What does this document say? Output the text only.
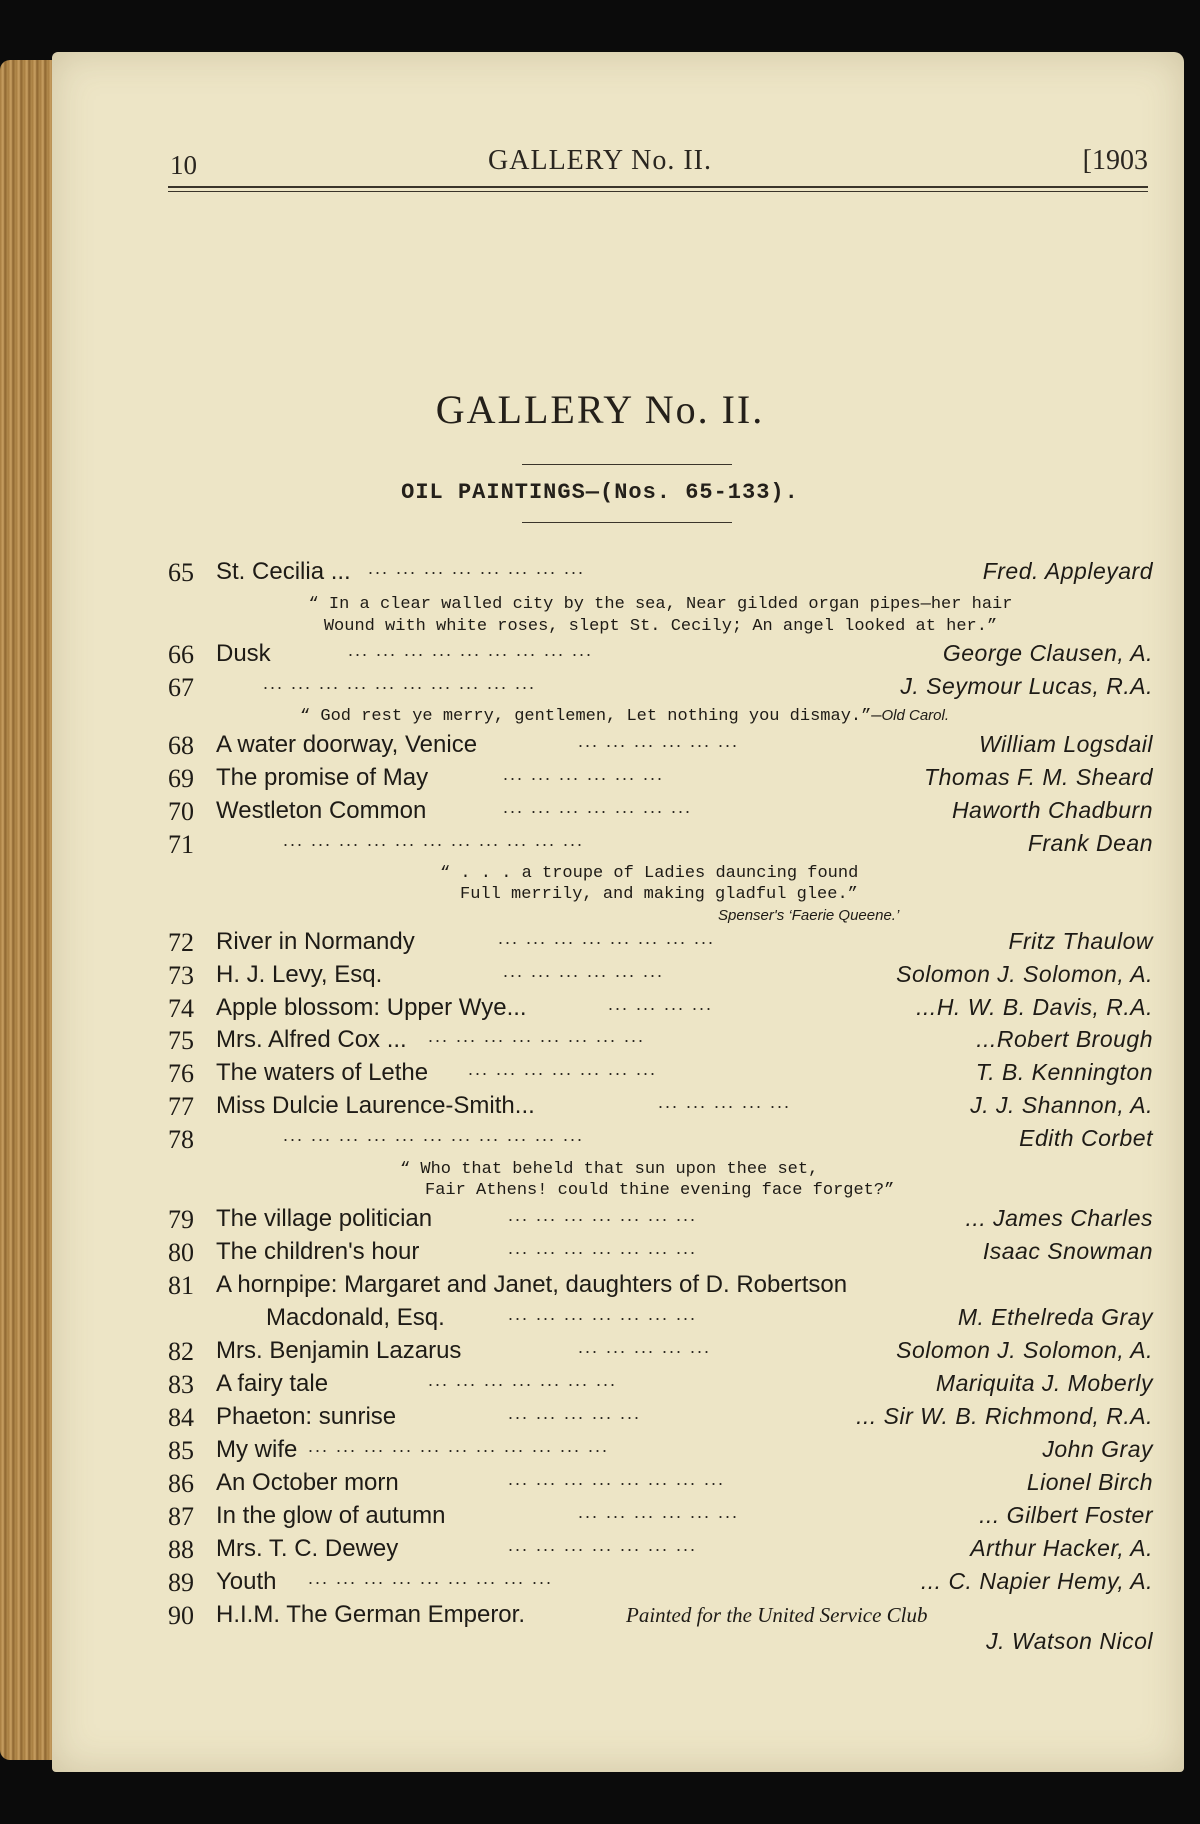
10	GALLERY No. II.	[1903
GALLERY No. II.
OIL PAINTINGS—(Nos. 65-133).
65 St. Cecilia ... ... ... ... ... ... ... ... ...	Fred. Appleyard
“ In a clear walled city by the sea, Near gilded organ pipes—her hair
Wound with white roses, slept St. Cecily; An angel looked at her.”
66 Dusk	... ... ... ... ... ... ... ... ...	George Clausen, A.
67	... ... ... ... ... ... ... ... ... ...	J. Seymour Lucas, R.A.
“ God rest ye merry, gentlemen, Let nothing you dismay.”—Old Carol.
68 A water doorway, Venice	... ... ... ... ... ...	William Logsdail
69 The promise of May	... ... ... ... ... ...	Thomas F. M. Sheard
70 Westleton Common	... ... ... ... ... ... ...	Haworth Chadburn
71	... ... ... ... ... ... ... ... ... ... ...	Frank Dean
“ . . . a troupe of Ladies dauncing found
Full merrily, and making gladful glee.”
Spenser's ‘Faerie Queene.’
72 River in Normandy	... ... ... ... ... ... ... ...	Fritz Thaulow
73 H. J. Levy, Esq.	... ... ... ... ... ...	Solomon J. Solomon, A.
74 Apple blossom: Upper Wye...	... ... ... ...	...H. W. B. Davis, R.A.
75 Mrs. Alfred Cox ... ... ... ... ... ... ... ... ...	...Robert Brough
76 The waters of Lethe ... ... ... ... ... ... ...	T. B. Kennington
77 Miss Dulcie Laurence-Smith...	... ... ... ... ...	J. J. Shannon, A.
78	... ... ... ... ... ... ... ... ... ... ...	Edith Corbet
“ Who that beheld that sun upon thee set,
Fair Athens! could thine evening face forget?”
79 The village politician	... ... ... ... ... ... ...	... James Charles
80 The children's hour	... ... ... ... ... ... ...	Isaac Snowman
81 A hornpipe: Margaret and Janet, daughters of D. Robertson
Macdonald, Esq.	... ... ... ... ... ... ...	M. Ethelreda Gray
82 Mrs. Benjamin Lazarus	... ... ... ... ...	Solomon J. Solomon, A.
83 A fairy tale	... ... ... ... ... ... ...	Mariquita J. Moberly
84 Phaeton: sunrise	... ... ... ... ...	... Sir W. B. Richmond, R.A.
85 My wife ... ... ... ... ... ... ... ... ... ... ...	John Gray
86 An October morn	... ... ... ... ... ... ... ...	Lionel Birch
87 In the glow of autumn	... ... ... ... ... ...	... Gilbert Foster
88 Mrs. T. C. Dewey	... ... ... ... ... ... ...	Arthur Hacker, A.
89 Youth ... ... ... ... ... ... ... ... ...	... C. Napier Hemy, A.
90 H.I.M. The German Emperor.	Painted for the United Service Club
J. Watson Nicol
